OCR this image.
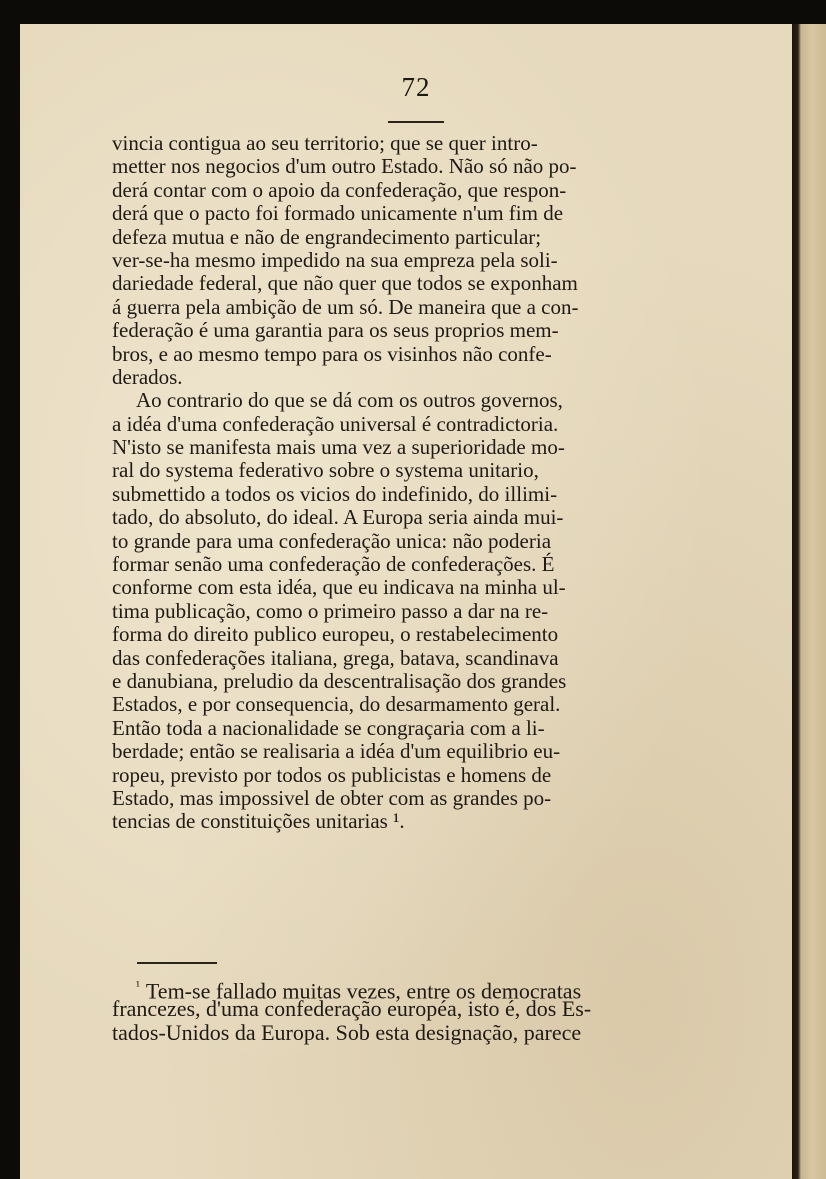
72
vincia contigua ao seu territorio; que se quer intro-
metter nos negocios d'um outro Estado. Não só não po-
derá contar com o apoio da confederação, que respon-
derá que o pacto foi formado unicamente n'um fim de
defeza mutua e não de engrandecimento particular;
ver-se-ha mesmo impedido na sua empreza pela soli-
dariedade federal, que não quer que todos se exponham
á guerra pela ambição de um só. De maneira que a con-
federação é uma garantia para os seus proprios mem-
bros, e ao mesmo tempo para os visinhos não confe-
derados.
Ao contrario do que se dá com os outros governos,
a idéa d'uma confederação universal é contradictoria.
N'isto se manifesta mais uma vez a superioridade mo-
ral do systema federativo sobre o systema unitario,
submettido a todos os vicios do indefinido, do illimi-
tado, do absoluto, do ideal. A Europa seria ainda mui-
to grande para uma confederação unica: não poderia
formar senão uma confederação de confederações. É
conforme com esta idéa, que eu indicava na minha ul-
tima publicação, como o primeiro passo a dar na re-
forma do direito publico europeu, o restabelecimento
das confederações italiana, grega, batava, scandinava
e danubiana, preludio da descentralisação dos grandes
Estados, e por consequencia, do desarmamento geral.
Então toda a nacionalidade se congraçaria com a li-
berdade; então se realisaria a idéa d'um equilibrio eu-
ropeu, previsto por todos os publicistas e homens de
Estado, mas impossivel de obter com as grandes po-
tencias de constituições unitarias ¹.
$^{^1}$ Tem-se fallado muitas vezes, entre os democratas
francezes, d'uma confederação européa, isto é, dos Es-
tados-Unidos da Europa. Sob esta designação, parece
